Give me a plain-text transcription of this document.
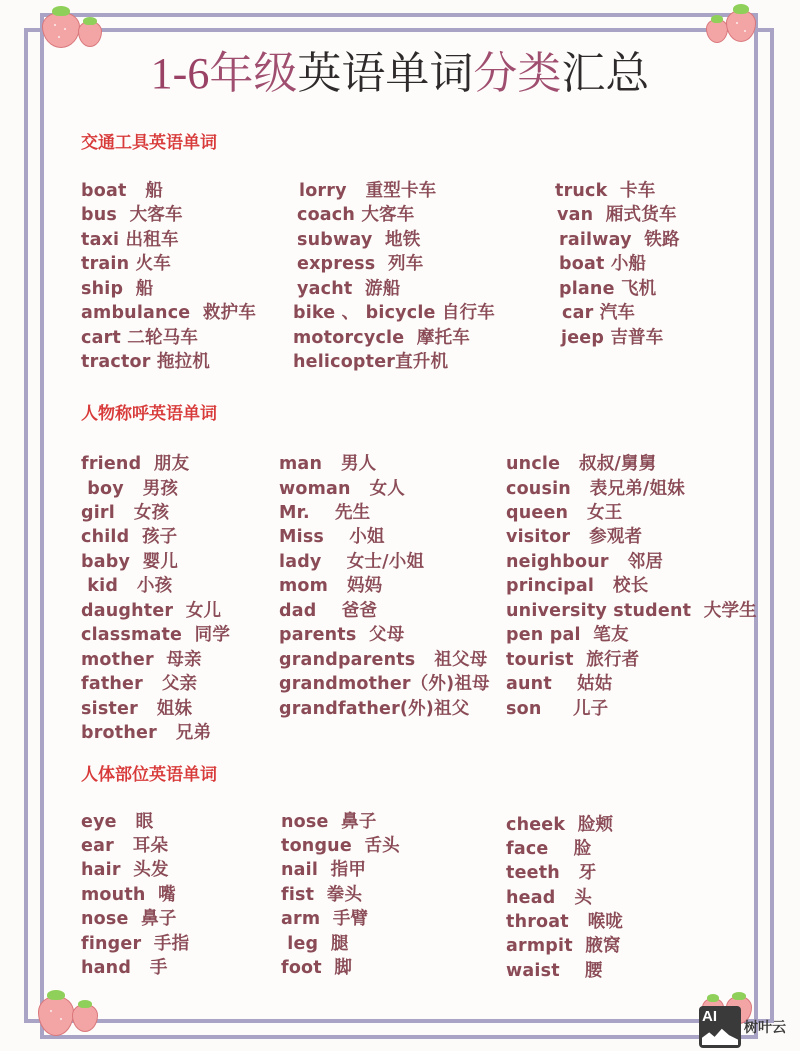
1-6年级英语单词分类汇总
交通工具英语单词
boat   船
bus  大客车
taxi 出租车
train 火车
ship  船
ambulance  救护车
cart 二轮马车
tractor 拖拉机
lorry   重型卡车
coach 大客车
subway  地铁
express  列车
yacht  游船
bike 、 bicycle 自行车
motorcycle  摩托车
helicopter直升机
truck  卡车
van  厢式货车
railway  铁路
boat 小船
plane 飞机
car 汽车
jeep 吉普车
人物称呼英语单词
friend  朋友
boy   男孩
girl   女孩
child  孩子
baby  婴儿
kid   小孩
daughter  女儿
classmate  同学
mother  母亲
father   父亲
sister   姐妹
brother   兄弟
man   男人
woman   女人
Mr.    先生
Miss    小姐
lady    女士/小姐
mom   妈妈
dad    爸爸
parents  父母
grandparents   祖父母
grandmother（外)祖母
grandfather(外)祖父
uncle   叔叔/舅舅
cousin   表兄弟/姐妹
queen   女王
visitor   参观者
neighbour   邻居
principal   校长
university student  大学生
pen pal  笔友
tourist  旅行者
aunt    姑姑
son     儿子
人体部位英语单词
eye   眼
ear   耳朵
hair  头发
mouth  嘴
nose  鼻子
finger  手指
hand   手
nose  鼻子
tongue  舌头
nail  指甲
fist  拳头
arm  手臂
leg  腿
foot  脚
cheek  脸颊
face    脸
teeth   牙
head   头
throat   喉咙
armpit  腋窝
waist    腰
AI
树叶云
